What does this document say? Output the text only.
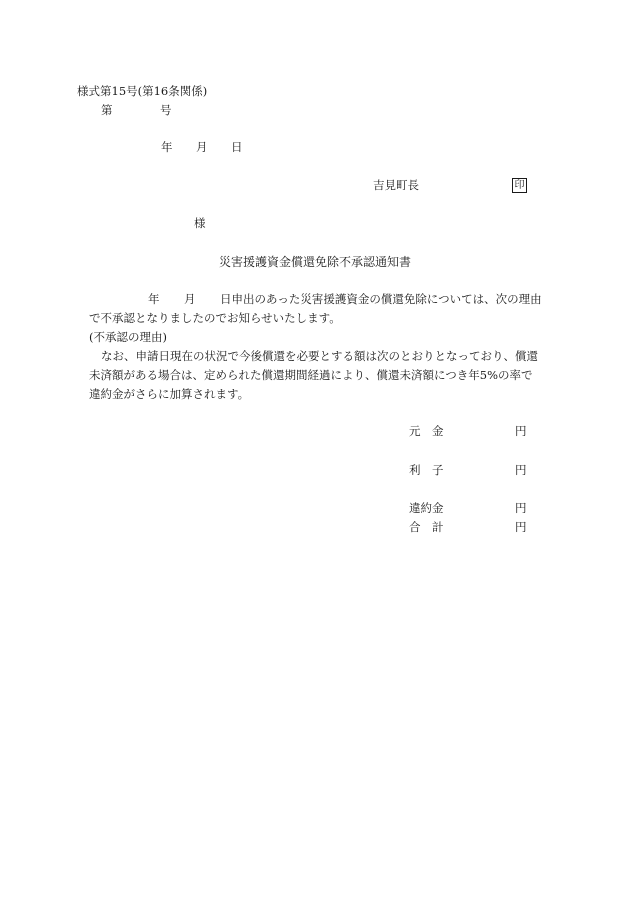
様式第15号(第16条関係)
第	号
年 月 日
吉見町長	印
様
災害援護資金償還免除不承認通知書
年 月 日申出のあった災害援護資金の償還免除については、次の理由
で不承認となりましたのでお知らせいたします。
(不承認の理由)
なお、申請日現在の状況で今後償還を必要とする額は次のとおりとなっており、償還
未済額がある場合は、定められた償還期間経過により、償還未済額につき年5%の率で
違約金がさらに加算されます。
元　金	円
利　子	円
違約金	円
合　計	円
